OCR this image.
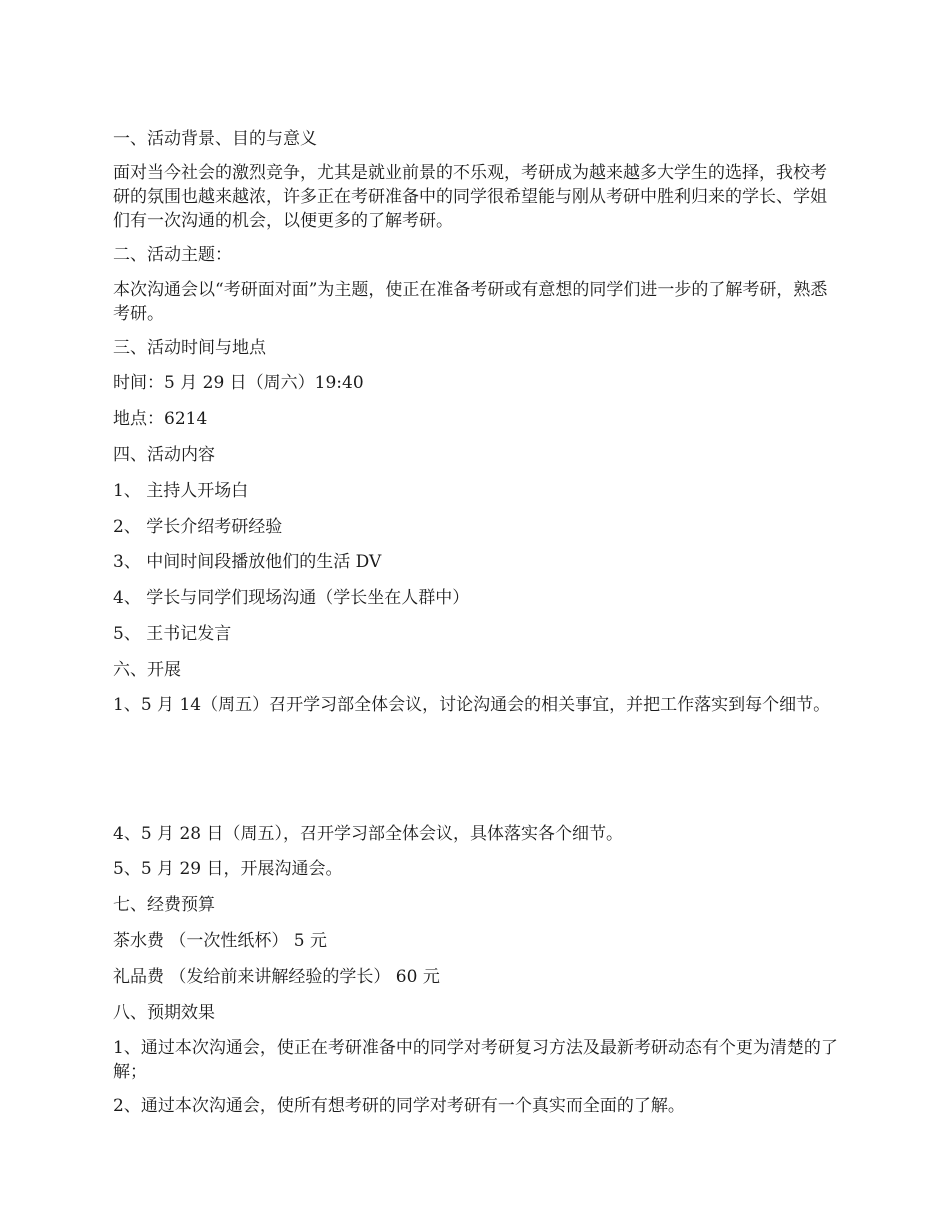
一、活动背景、目的与意义

面对当今社会的激烈竞争，尤其是就业前景的不乐观，考研成为越来越多大学生的选择，我校考研的氛围也越来越浓，许多正在考研准备中的同学很希望能与刚从考研中胜利归来的学长、学姐们有一次沟通的机会，以便更多的了解考研。

二、活动主题：

本次沟通会以“考研面对面”为主题，使正在准备考研或有意想的同学们进一步的了解考研，熟悉考研。

三、活动时间与地点

时间：5 月 29 日（周六）19:40

地点：6214

四、活动内容

1、 主持人开场白

2、 学长介绍考研经验

3、 中间时间段播放他们的生活 DV

4、 学长与同学们现场沟通（学长坐在人群中）

5、 王书记发言

六、开展

1、5 月 14（周五）召开学习部全体会议，讨论沟通会的相关事宜，并把工作落实到每个细节。

4、5 月 28 日（周五），召开学习部全体会议，具体落实各个细节。

5、5 月 29 日，开展沟通会。

七、经费预算

茶水费 （一次性纸杯） 5 元

礼品费 （发给前来讲解经验的学长） 60 元

八、预期效果

1、通过本次沟通会，使正在考研准备中的同学对考研复习方法及最新考研动态有个更为清楚的了解；

2、通过本次沟通会，使所有想考研的同学对考研有一个真实而全面的了解。
